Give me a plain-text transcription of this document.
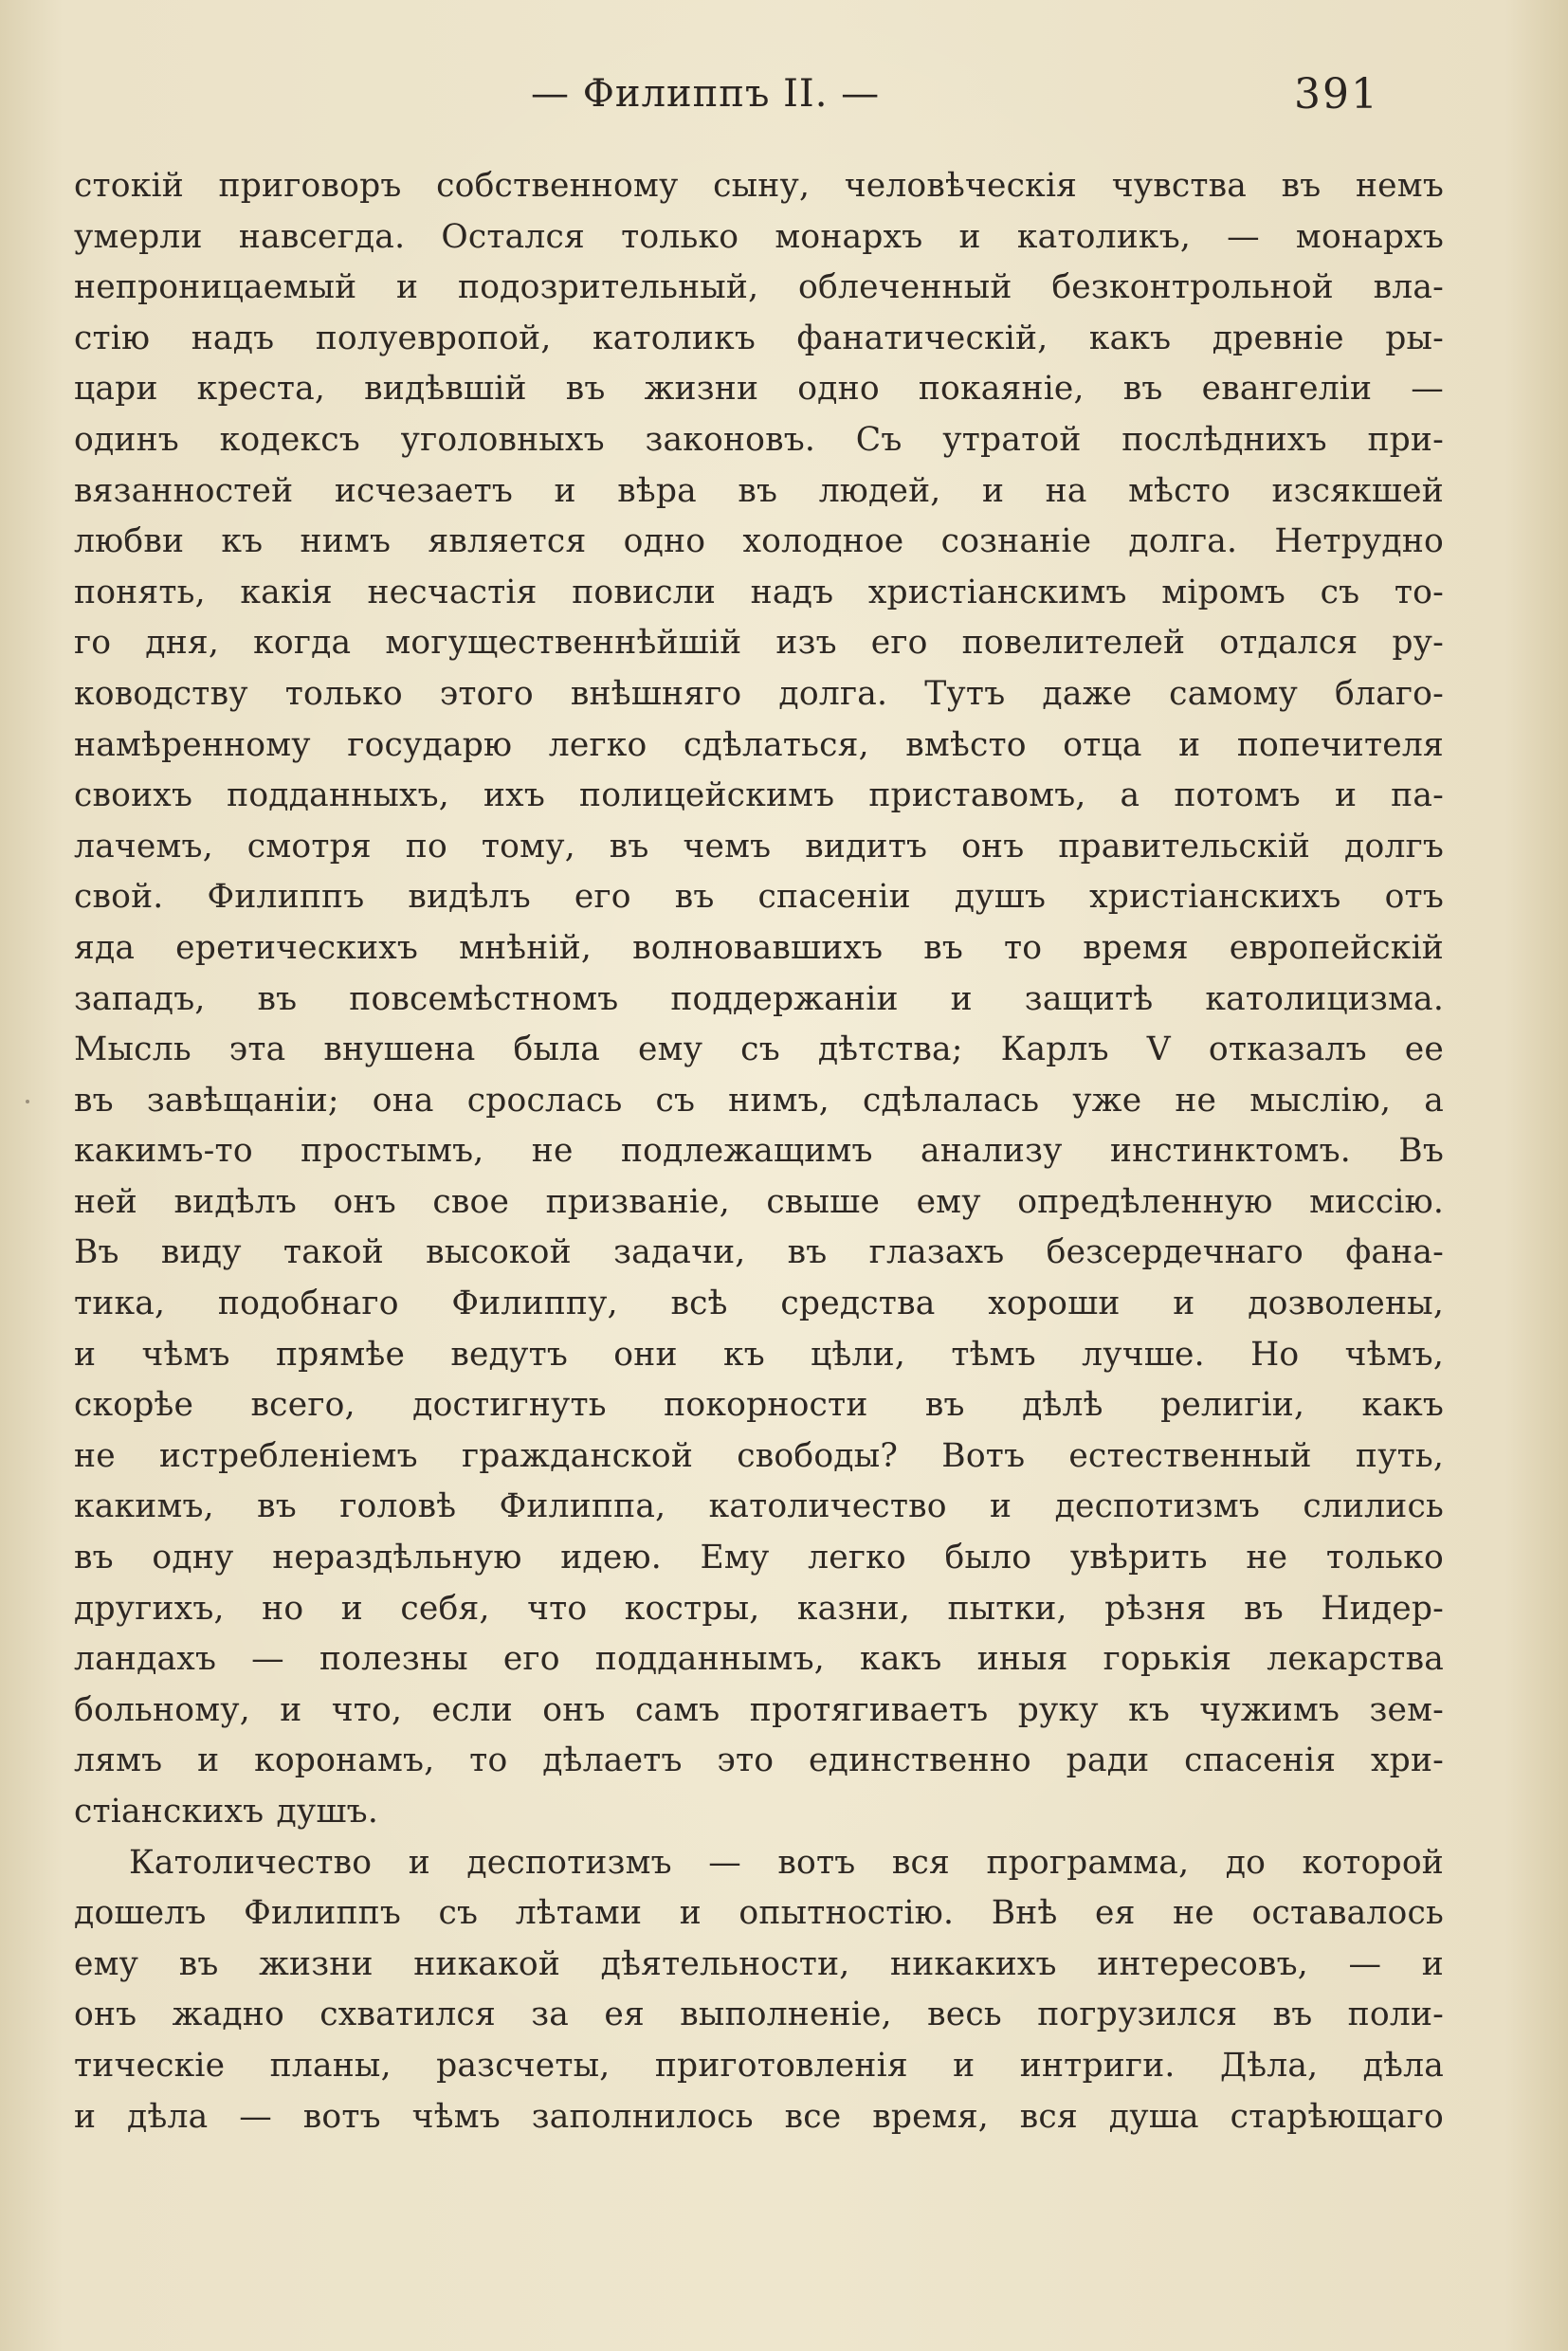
— Филиппъ II. —	391
стокій приговоръ собственному сыну, человѣческія чувства въ немъ
умерли навсегда. Остался только монархъ и католикъ, — монархъ
непроницаемый и подозрительный, облеченный безконтрольной вла-
стію надъ полуевропой, католикъ фанатическій, какъ древніе ры-
цари креста, видѣвшій въ жизни одно покаяніе, въ евангеліи —
одинъ кодексъ уголовныхъ законовъ. Съ утратой послѣднихъ при-
вязанностей исчезаетъ и вѣра въ людей, и на мѣсто изсякшей
любви къ нимъ является одно холодное сознаніе долга. Нетрудно
понять, какія несчастія повисли надъ христіанскимъ міромъ съ то-
го дня, когда могущественнѣйшій изъ его повелителей отдался ру-
ководству только этого внѣшняго долга. Тутъ даже самому благо-
намѣренному государю легко сдѣлаться, вмѣсто отца и попечителя
своихъ подданныхъ, ихъ полицейскимъ приставомъ, а потомъ и па-
лачемъ, смотря по тому, въ чемъ видитъ онъ правительскій долгъ
свой. Филиппъ видѣлъ его въ спасеніи душъ христіанскихъ отъ
яда еретическихъ мнѣній, волновавшихъ въ то время европейскій
западъ, въ повсемѣстномъ поддержаніи и защитѣ католицизма.
Мысль эта внушена была ему съ дѣтства; Карлъ V отказалъ ее
въ завѣщаніи; она срослась съ нимъ, сдѣлалась уже не мыслію, а
какимъ-то простымъ, не подлежащимъ анализу инстинктомъ. Въ
ней видѣлъ онъ свое призваніе, свыше ему опредѣленную миссію.
Въ виду такой высокой задачи, въ глазахъ безсердечнаго фана-
тика, подобнаго Филиппу, всѣ средства хороши и дозволены,
и чѣмъ прямѣе ведутъ они къ цѣли, тѣмъ лучше. Но чѣмъ,
скорѣе всего, достигнуть покорности въ дѣлѣ религіи, какъ
не истребленіемъ гражданской свободы? Вотъ естественный путь,
какимъ, въ головѣ Филиппа, католичество и деспотизмъ слились
въ одну нераздѣльную идею. Ему легко было увѣрить не только
другихъ, но и себя, что костры, казни, пытки, рѣзня въ Нидер-
ландахъ — полезны его подданнымъ, какъ иныя горькія лекарства
больному, и что, если онъ самъ протягиваетъ руку къ чужимъ зем-
лямъ и коронамъ, то дѣлаетъ это единственно ради спасенія хри-
стіанскихъ душъ.
Католичество и деспотизмъ — вотъ вся программа, до которой
дошелъ Филиппъ съ лѣтами и опытностію. Внѣ ея не оставалось
ему въ жизни никакой дѣятельности, никакихъ интересовъ, — и
онъ жадно схватился за ея выполненіе, весь погрузился въ поли-
тическіе планы, разсчеты, приготовленія и интриги. Дѣла, дѣла
и дѣла — вотъ чѣмъ заполнилось все время, вся душа старѣющаго
